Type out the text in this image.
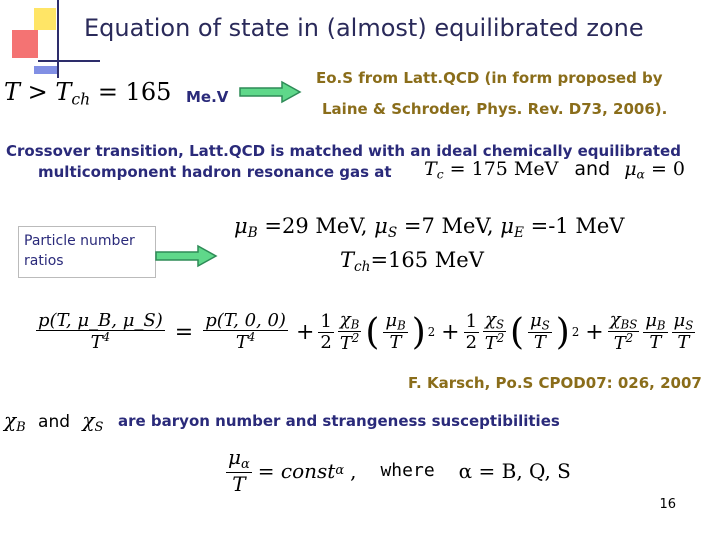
Equation of state in (almost) equilibrated zone
$T > T_{ch} = 165$ Me.V
Eo.S from Latt.QCD (in form proposed by
Laine & Schroder, Phys. Rev. D73, 2006).
Crossover transition, Latt.QCD is matched with an ideal chemically equilibrated
multicomponent hadron resonance gas at $T_c = 175$ MeV and $\mu_\alpha = 0$
Particle number ratios
$\mu_B =29$ MeV, $\mu_S =7$ MeV, $\mu_E =-1$ MeV
$T_{ch}=165$ MeV
$\frac{p(T, \mu\_B, \mu\_S)}{T^4} = \frac{p(T, 0, 0)}{T^4} + \frac{1}{2} \frac{\chi_B}{T^2}$ ( $\frac{\mu_B}{T}$ ) $2 + \frac{1}{2} \frac{\chi_S}{T^2}$ ( $\frac{\mu_S}{T}$ ) $2 + \frac{\chi_{BS}}{T^2} \frac{\mu_B}{T} \frac{\mu_S}{T}$
F. Karsch, Po.S CPOD07: 026, 2007
$\chi_B$ and $\chi_S$ are baryon number and strangeness susceptibilities
$\frac{\mu_\alpha}{T}$ = const α , where α = B, Q, S
16
